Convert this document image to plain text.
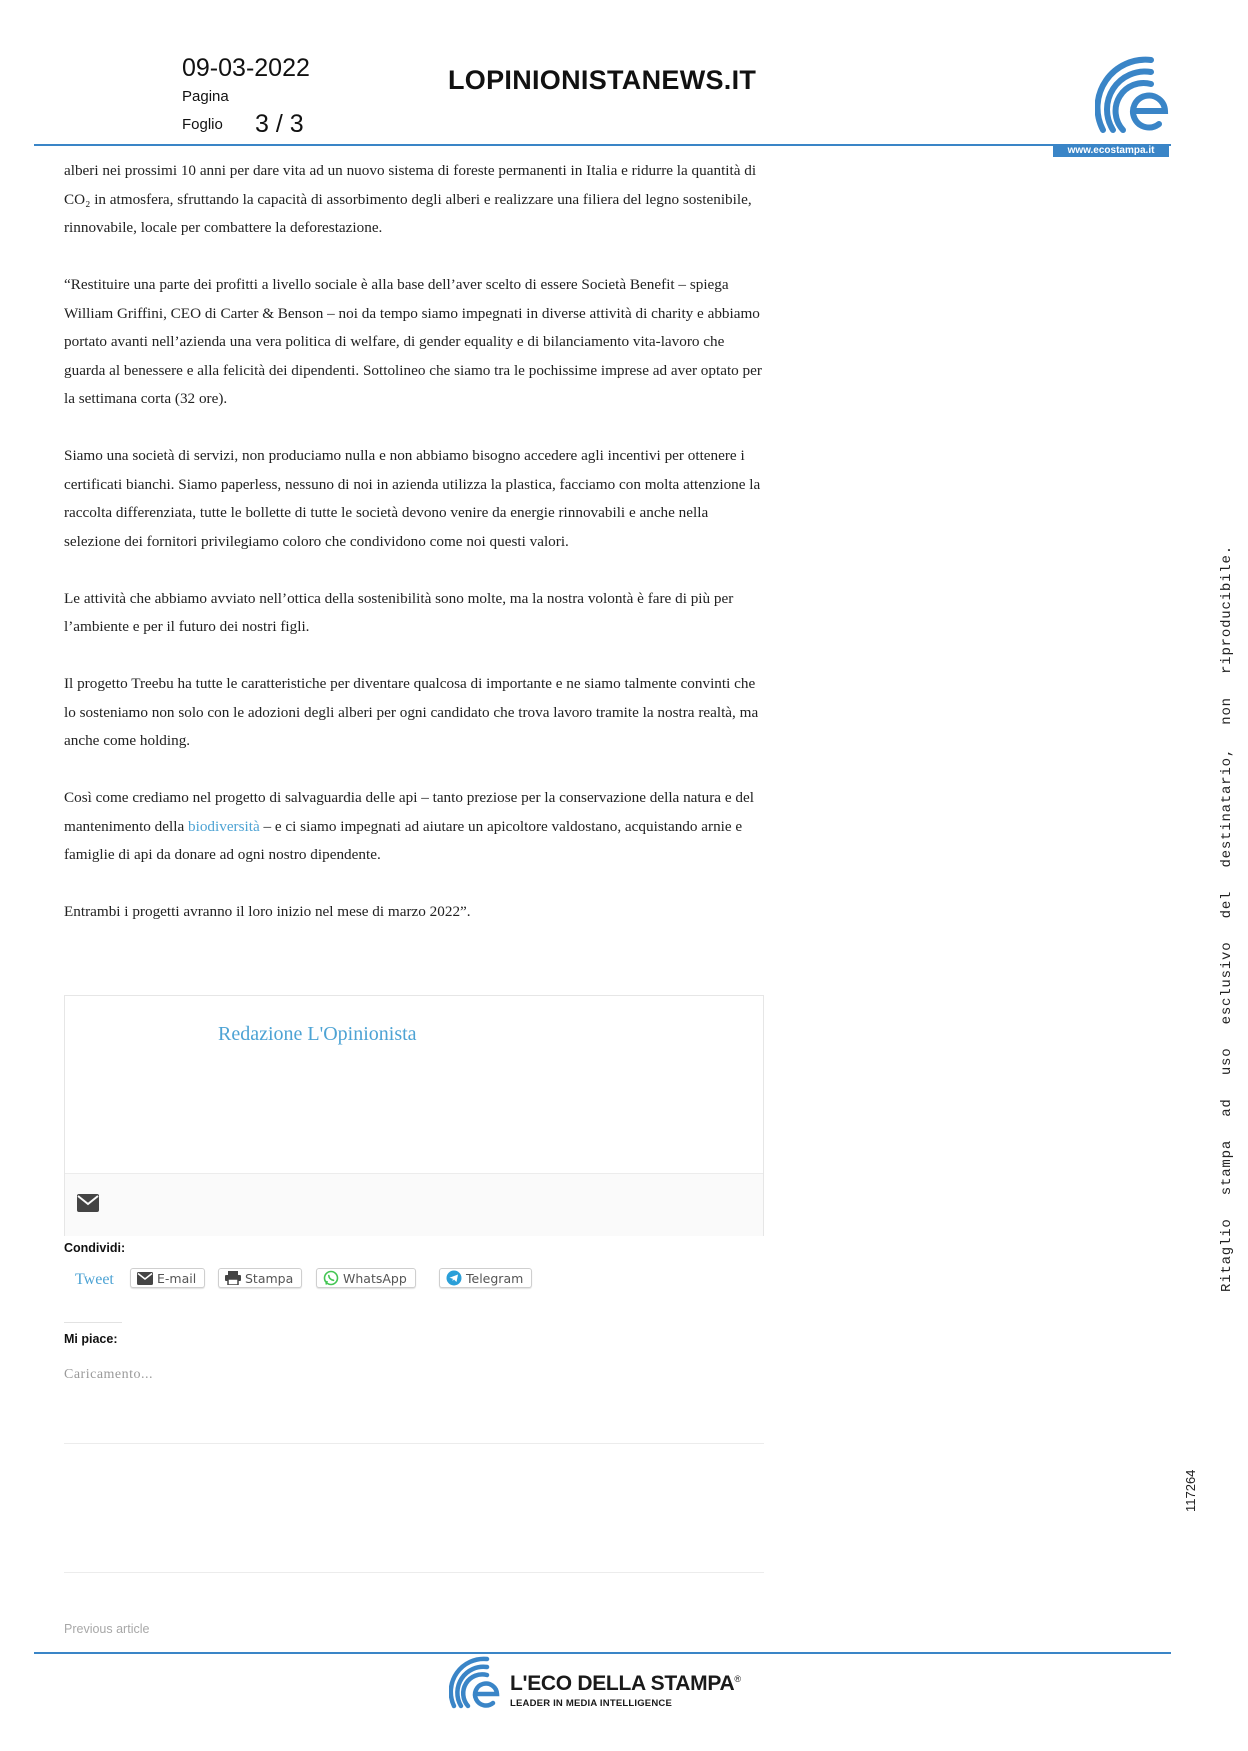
09-03-2022
Pagina
Foglio 3 / 3
LOPINIONISTANEWS.IT
www.ecostampa.it

alberi nei prossimi 10 anni per dare vita ad un nuovo sistema di foreste permanenti in Italia e ridurre la quantità di CO₂ in atmosfera, sfruttando la capacità di assorbimento degli alberi e realizzare una filiera del legno sostenibile, rinnovabile, locale per combattere la deforestazione.

“Restituire una parte dei profitti a livello sociale è alla base dell’aver scelto di essere Società Benefit – spiega William Griffini, CEO di Carter & Benson – noi da tempo siamo impegnati in diverse attività di charity e abbiamo portato avanti nell’azienda una vera politica di welfare, di gender equality e di bilanciamento vita-lavoro che guarda al benessere e alla felicità dei dipendenti. Sottolineo che siamo tra le pochissime imprese ad aver optato per la settimana corta (32 ore).

Siamo una società di servizi, non produciamo nulla e non abbiamo bisogno accedere agli incentivi per ottenere i certificati bianchi. Siamo paperless, nessuno di noi in azienda utilizza la plastica, facciamo con molta attenzione la raccolta differenziata, tutte le bollette di tutte le società devono venire da energie rinnovabili e anche nella selezione dei fornitori privilegiamo coloro che condividono come noi questi valori.

Le attività che abbiamo avviato nell’ottica della sostenibilità sono molte, ma la nostra volontà è fare di più per l’ambiente e per il futuro dei nostri figli.

Il progetto Treebu ha tutte le caratteristiche per diventare qualcosa di importante e ne siamo talmente convinti che lo sosteniamo non solo con le adozioni degli alberi per ogni candidato che trova lavoro tramite la nostra realtà, ma anche come holding.

Così come crediamo nel progetto di salvaguardia delle api – tanto preziose per la conservazione della natura e del mantenimento della biodiversità – e ci siamo impegnati ad aiutare un apicoltore valdostano, acquistando arnie e famiglie di api da donare ad ogni nostro dipendente.

Entrambi i progetti avranno il loro inizio nel mese di marzo 2022”.

Redazione L'Opinionista
Condividi:
Tweet	E-mail	Stampa	WhatsApp	Telegram
Mi piace:
Caricamento...
Previous article
L'ECO DELLA STAMPA®
LEADER IN MEDIA INTELLIGENCE
Ritaglio stampa ad uso esclusivo del destinatario, non riproducibile.
117264
